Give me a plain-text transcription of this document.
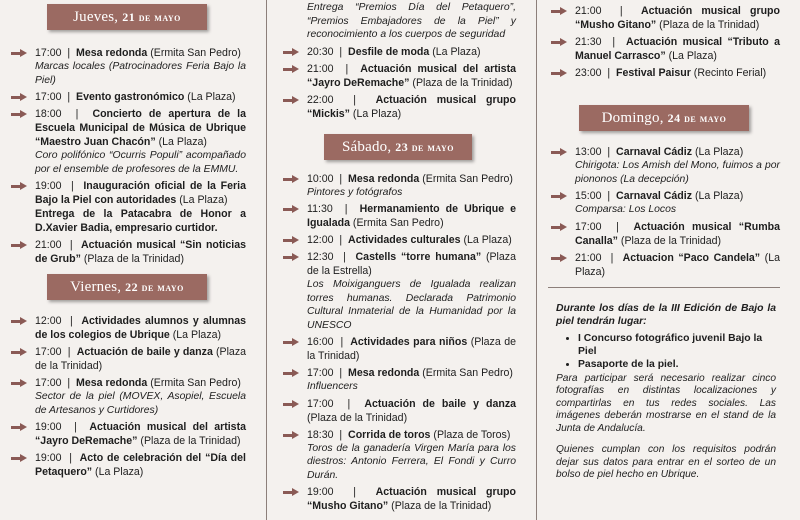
Jueves, 21 de mayo
17:00  |  Mesa redonda (Ermita San Pedro)
Marcas locales (Patrocinadores Feria Bajo la Piel)
17:00  |  Evento gastronómico (La Plaza)
18:00  |  Concierto de apertura de la Escuela Municipal de Música de Ubrique “Maestro Juan Chacón” (La Plaza)
Coro polifónico “Ocurris Populi” acompañado por el ensemble de profesores de la EMMU.
19:00  |  Inauguración oficial de la Feria Bajo la Piel con autoridades (La Plaza)
Entrega de la Patacabra de Honor a D.Xavier Badia, empresario curtidor.
21:00  |  Actuación musical “Sin noticias de Grub” (Plaza de la Trinidad)
Viernes, 22 de mayo
12:00  |  Actividades alumnos y alumnas de los colegios de Ubrique (La Plaza)
17:00  |  Actuación de baile y danza (Plaza de la Trinidad)
17:00  |  Mesa redonda (Ermita San Pedro)
Sector de la piel (MOVEX, Asopiel, Escuela de Artesanos y Curtidores)
19:00  |  Actuación musical del artista “Jayro DeRemache” (Plaza de la Trinidad)
19:00  |  Acto de celebración del “Día del Petaquero” (La Plaza)
Entrega “Premios Día del Petaquero”, “Premios Embajadores de la Piel” y reconocimiento a los cuerpos de seguridad
20:30  |  Desfile de moda (La Plaza)
21:00  |  Actuación musical del artista “Jayro DeRemache” (Plaza de la Trinidad)
22:00  |  Actuación musical grupo “Mickis” (La Plaza)
Sábado, 23 de mayo
10:00  |  Mesa redonda (Ermita San Pedro)
Pintores y fotógrafos
11:30  |  Hermanamiento de Ubrique e Igualada (Ermita San Pedro)
12:00  |  Actividades culturales (La Plaza)
12:30  |  Castells “torre humana” (Plaza de la Estrella)
Los Moixiganguers de Igualada realizan torres humanas. Declarada Patrimonio Cultural Inmaterial de la Humanidad por la UNESCO
16:00  |  Actividades para niños (Plaza de la Trinidad)
17:00  |  Mesa redonda (Ermita San Pedro)
Influencers
17:00  |  Actuación de baile y danza (Plaza de la Trinidad)
18:30  |  Corrida de toros (Plaza de Toros)
Toros de la ganadería Virgen María para los diestros: Antonio Ferrera, El Fondi y Curro Durán.
19:00  |  Actuación musical grupo “Musho Gitano” (Plaza de la Trinidad)
21:00  |  Actuación musical grupo “Musho Gitano” (Plaza de la Trinidad)
21:30  |  Actuación musical “Tributo a Manuel Carrasco” (La Plaza)
23:00  |  Festival Paisur (Recinto Ferial)
Domingo, 24 de mayo
13:00  |  Carnaval Cádiz (La Plaza)
Chirigota: Los Amish del Mono, fuimos a por piononos (La decepción)
15:00  |  Carnaval Cádiz (La Plaza)
Comparsa: Los Locos
17:00  |  Actuación musical “Rumba Canalla” (Plaza de la Trinidad)
21:00  |  Actuacion “Paco Candela” (La Plaza)
Durante los días de la III Edición de Bajo la piel tendrán lugar:
• I Concurso fotográfico juvenil Bajo la Piel
• Pasaporte de la piel.
Para participar será necesario realizar cinco fotografías en distintas localizaciones y compartirlas en tus redes sociales. Las imágenes deberán mostrarse en el stand de la Junta de Andalucía.
Quienes cumplan con los requisitos podrán dejar sus datos para entrar en el sorteo de un bolso de piel hecho en Ubrique.
